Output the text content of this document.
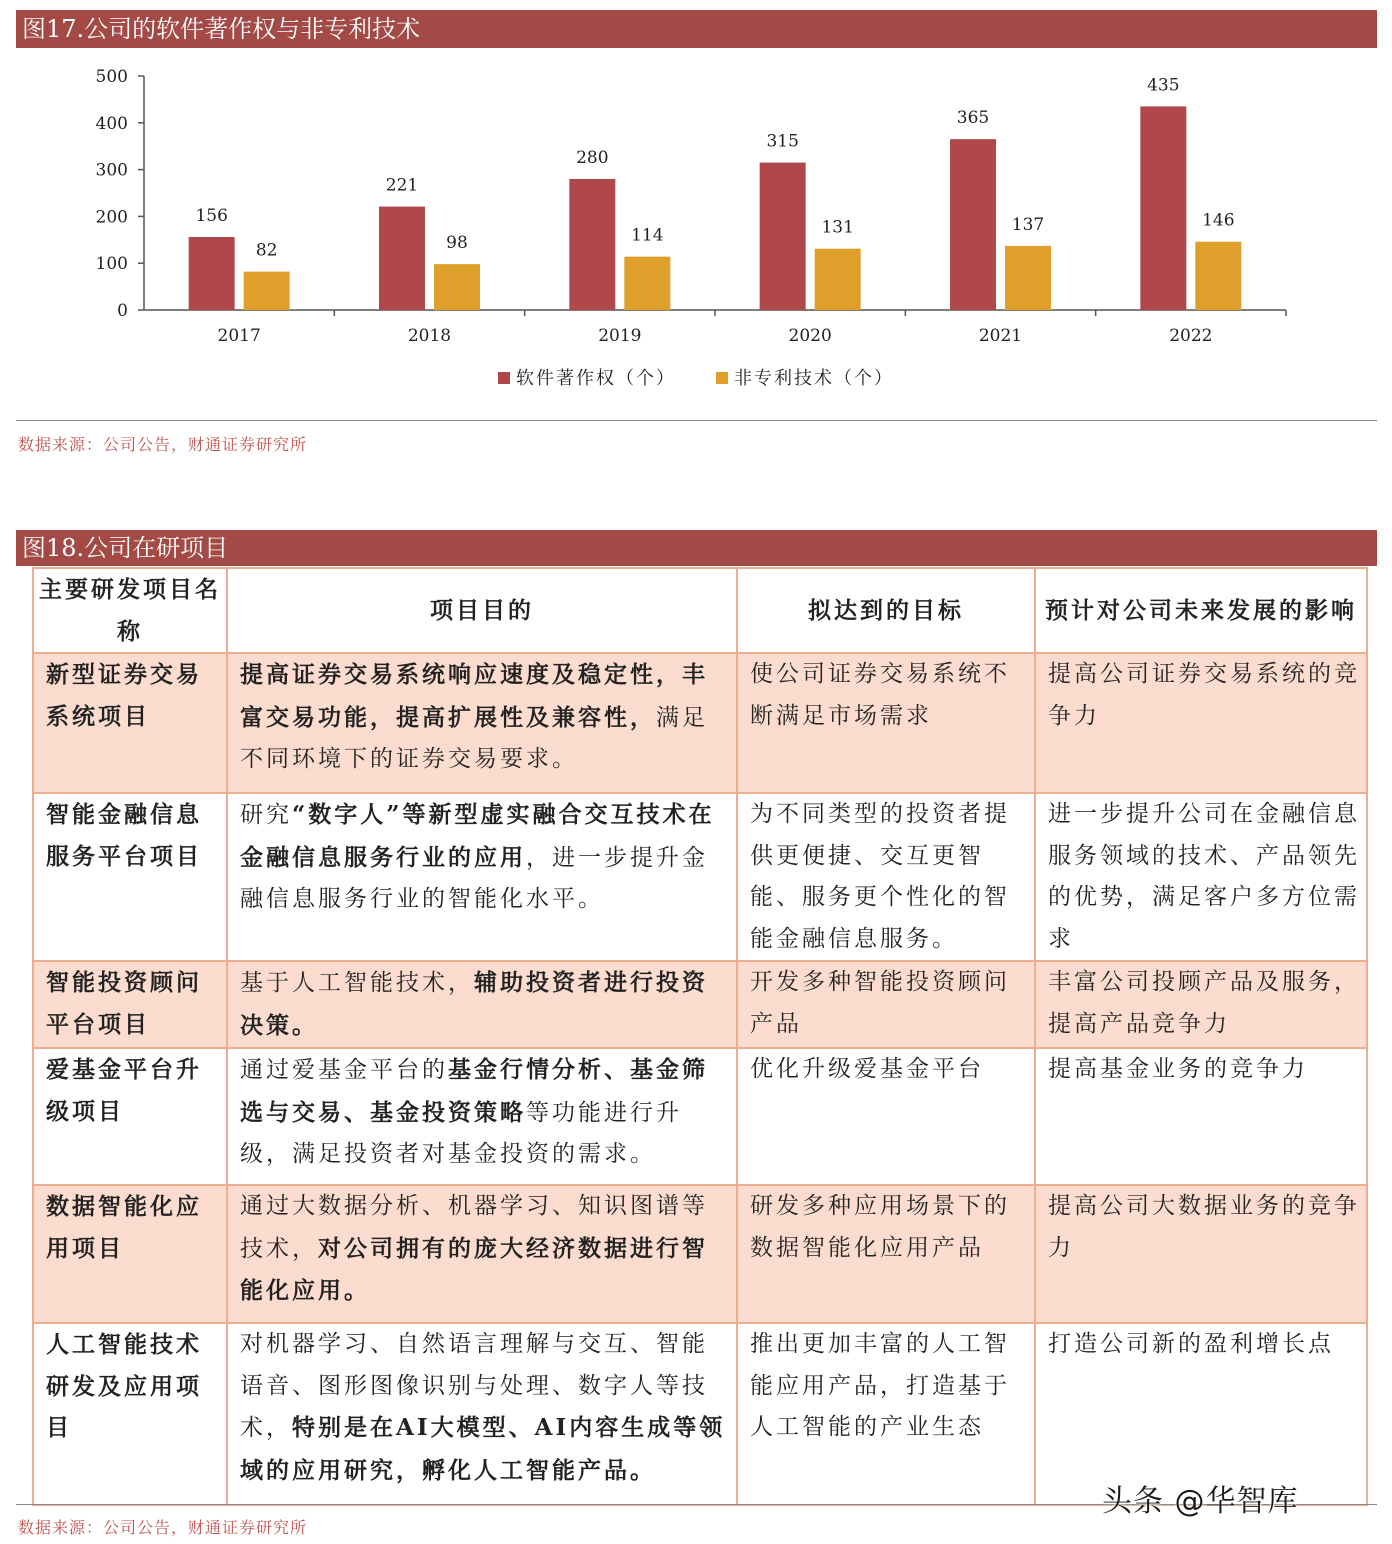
图17.公司的软件著作权与非专利技术
0
100
200
300
400
500
156
82
221
98
280
114
315
131
365
137
435
146
2017	2018	2019	2020	2021	2022
软件著作权（个）	非专利技术（个）
数据来源：公司公告，财通证券研究所
图18.公司在研项目
主要研发项目名称	项目目的	拟达到的目标	预计对公司未来发展的影响
新型证券交易系统项目	提高证券交易系统响应速度及稳定性，丰富交易功能，提高扩展性及兼容性，满足不同环境下的证券交易要求。	使公司证券交易系统不断满足市场需求	提高公司证券交易系统的竞争力
智能金融信息服务平台项目	研究“数字人”等新型虚实融合交互技术在金融信息服务行业的应用，进一步提升金融信息服务行业的智能化水平。	为不同类型的投资者提供更便捷、交互更智能、服务更个性化的智能金融信息服务。	进一步提升公司在金融信息服务领域的技术、产品领先的优势，满足客户多方位需求
智能投资顾问平台项目	基于人工智能技术，辅助投资者进行投资决策。	开发多种智能投资顾问产品	丰富公司投顾产品及服务，提高产品竞争力
爱基金平台升级项目	通过爱基金平台的基金行情分析、基金筛选与交易、基金投资策略等功能进行升级，满足投资者对基金投资的需求。	优化升级爱基金平台	提高基金业务的竞争力
数据智能化应用项目	通过大数据分析、机器学习、知识图谱等技术，对公司拥有的庞大经济数据进行智能化应用。	研发多种应用场景下的数据智能化应用产品	提高公司大数据业务的竞争力
人工智能技术研发及应用项目	对机器学习、自然语言理解与交互、智能语音、图形图像识别与处理、数字人等技术，特别是在AI大模型、AI内容生成等领域的应用研究，孵化人工智能产品。	推出更加丰富的人工智能应用产品，打造基于人工智能的产业生态	打造公司新的盈利增长点
数据来源：公司公告，财通证券研究所
头条 @华智库
